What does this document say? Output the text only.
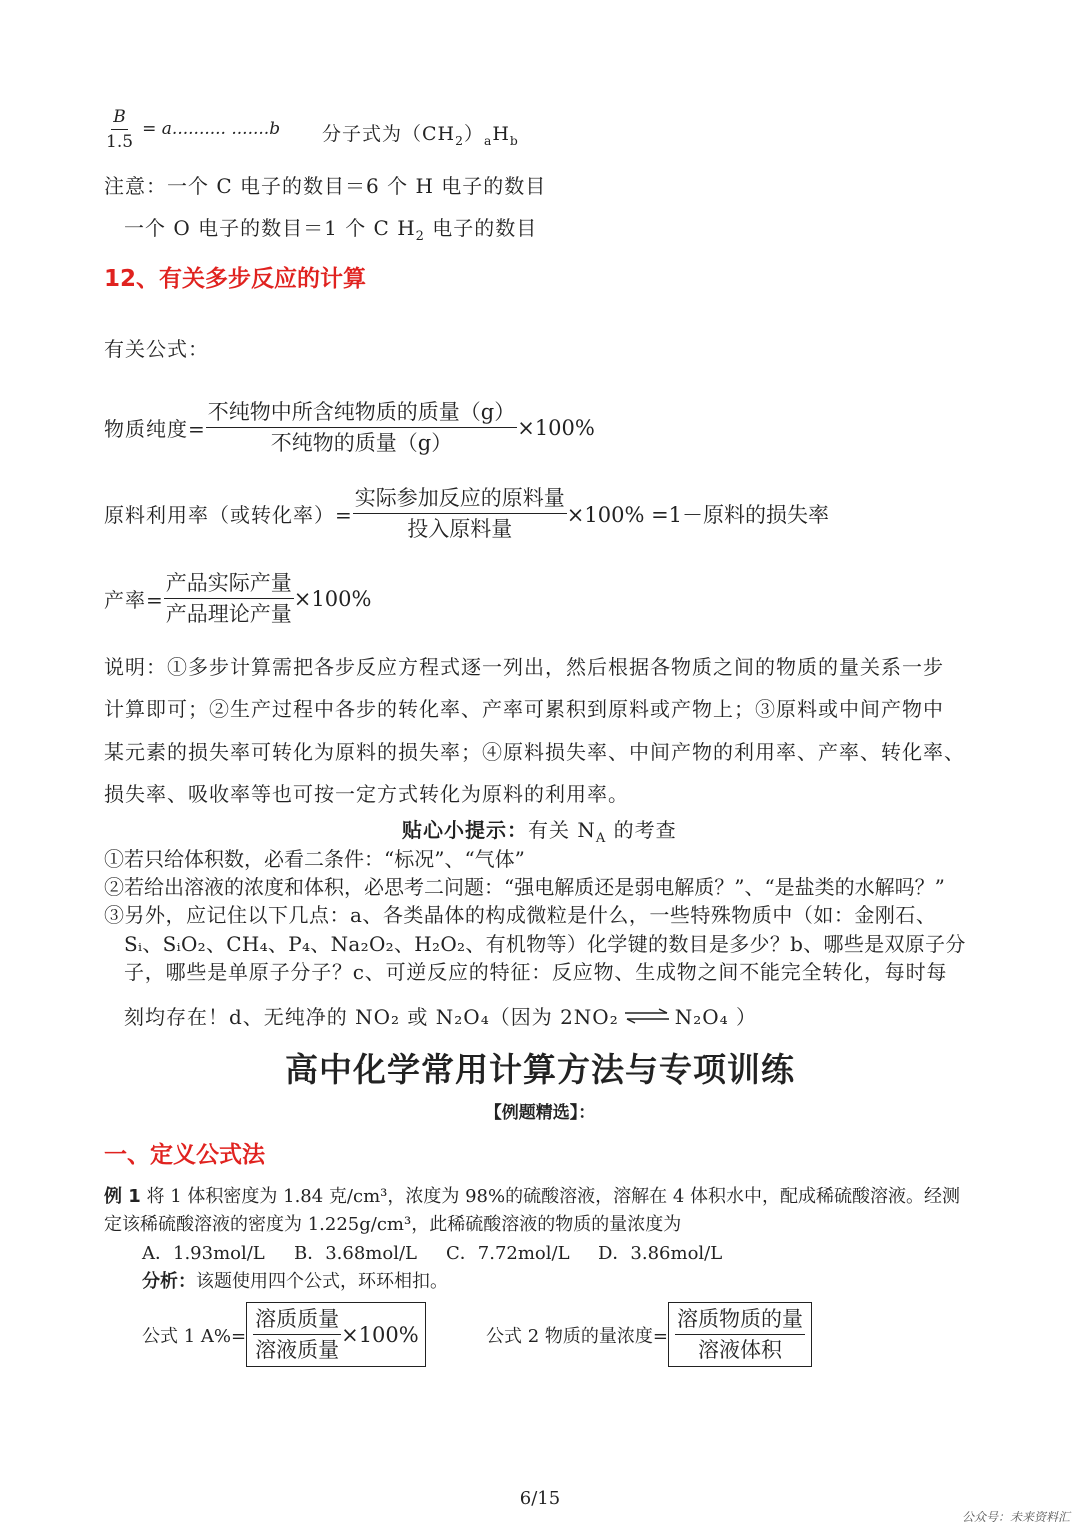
$\frac{B}{1.5} = a$.......... .......b 分子式为$(CH_2)_aH_b$
注意：一个 C 电子的数目＝6 个 H 电子的数目
一个 O 电子的数目＝1 个 C $H_2$ 电子的数目
12、有关多步反应的计算
有关公式：
物质纯度= $\frac{\text{不纯物中所含纯物质的质量（g）}}{\text{不纯物的质量（g）}} \times 100\%$
原料利用率（或转化率）= $\frac{\text{实际参加反应的原料量}}{\text{投入原料量}} \times 100\% =1-$原料的损失率
产率= $\frac{\text{产品实际产量}}{\text{产品理论产量}} \times 100\%$
说明：①多步计算需把各步反应方程式逐一列出，然后根据各物质之间的物质的量关系一步
计算即可；②生产过程中各步的转化率、产率可累积到原料或产物上；③原料或中间产物中
某元素的损失率可转化为原料的损失率；④原料损失率、中间产物的利用率、产率、转化率、
损失率、吸收率等也可按一定方式转化为原料的利用率。
贴心小提示：有关 $N_A$ 的考查
①若只给体积数，必看二条件：“标况”、“气体”
②若给出溶液的浓度和体积，必思考二问题：“强电解质还是弱电解质？”、“是盐类的水解吗？”
③另外，应记住以下几点：a、各类晶体的构成微粒是什么，一些特殊物质中（如：金刚石、
Sᵢ、SᵢO₂、CH₄、P₄、Na₂O₂、H₂O₂、有机物等）化学键的数目是多少？b、哪些是双原子分
子，哪些是单原子分子？c、可逆反应的特征：反应物、生成物之间不能完全转化，每时每
刻均存在！d、无纯净的 NO₂ 或 N₂O₄（因为 2NO₂ ⇌ N₂O₄ ）
高中化学常用计算方法与专项训练
【例题精选】：
一、定义公式法
例 1 将 1 体积密度为 1.84 克/cm³，浓度为 98%的硫酸溶液，溶解在 4 体积水中，配成稀硫酸溶液。经测
定该稀硫酸溶液的密度为 1.225g/cm³，此稀硫酸溶液的物质的量浓度为
A．1.93mol/L B．3.68mol/L C．7.72mol/L D．3.86mol/L
分析：该题使用四个公式，环环相扣。
公式 1 $A\%= \frac{\text{溶质质量}}{\text{溶液质量}} \times 100\%$	公式 2 物质的量浓度= $\frac{\text{溶质物质的量}}{\text{溶液体积}}$
6/15
公众号：未来资料汇
